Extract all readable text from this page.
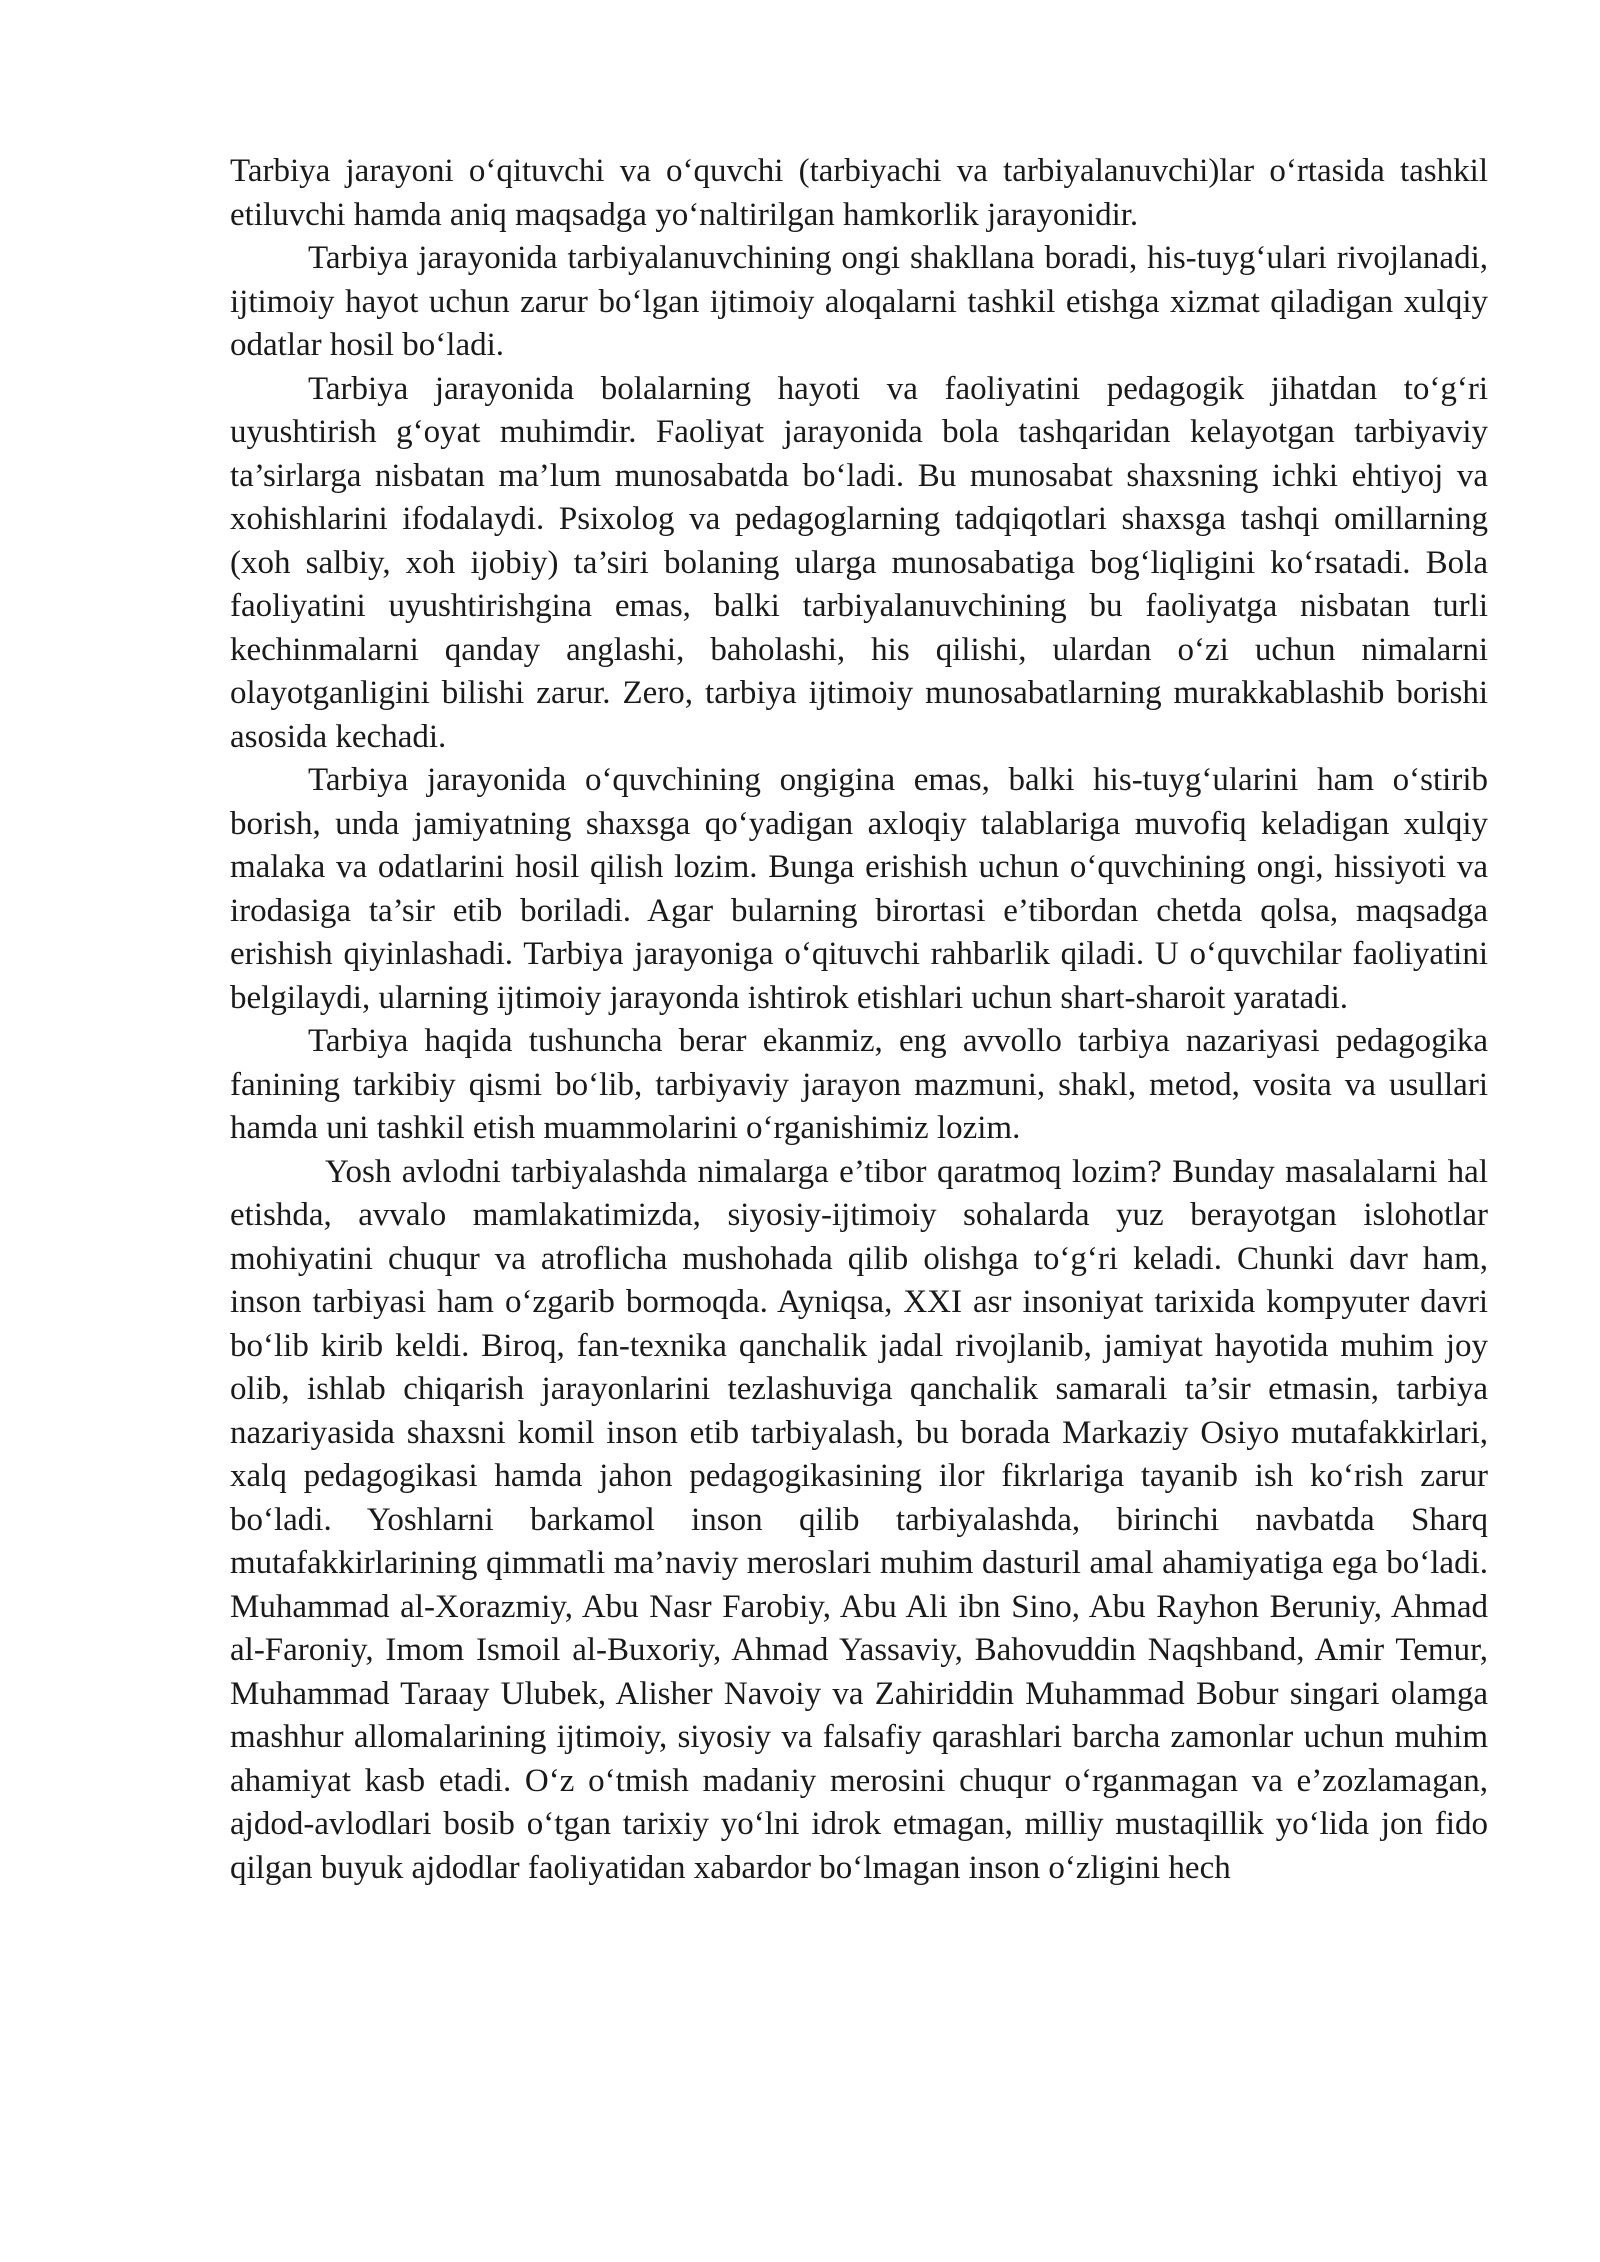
Tarbiya jarayoni o‘qituvchi va o‘quvchi (tarbiyachi va tarbiyalanuvchi)lar o‘rtasida tashkil etiluvchi hamda aniq maqsadga yo‘naltirilgan hamkorlik jarayonidir.

Tarbiya jarayonida tarbiyalanuvchining ongi shakllana boradi, his-tuyg‘ulari rivojlanadi, ijtimoiy hayot uchun zarur bo‘lgan ijtimoiy aloqalarni tashkil etishga xizmat qiladigan xulqiy odatlar hosil bo‘ladi.

Tarbiya jarayonida bolalarning hayoti va faoliyatini pedagogik jihatdan to‘g‘ri uyushtirish g‘oyat muhimdir. Faoliyat jarayonida bola tashqaridan kelayotgan tarbiyaviy ta’sirlarga nisbatan ma’lum munosabatda bo‘ladi. Bu munosabat shaxsning ichki ehtiyoj va xohishlarini ifodalaydi. Psixolog va pedagoglarning tadqiqotlari shaxsga tashqi omillarning (xoh salbiy, xoh ijobiy) ta’siri bolaning ularga munosabatiga bog‘liqligini ko‘rsatadi. Bola faoliyatini uyushtirishgina emas, balki tarbiyalanuvchining bu faoliyatga nisbatan turli kechinmalarni qanday anglashi, baholashi, his qilishi, ulardan o‘zi uchun nimalarni olayotganligini bilishi zarur. Zero, tarbiya ijtimoiy munosabatlarning murakkablashib borishi asosida kechadi.

Tarbiya jarayonida o‘quvchining ongigina emas, balki his-tuyg‘ularini ham o‘stirib borish, unda jamiyatning shaxsga qo‘yadigan axloqiy talablariga muvofiq keladigan xulqiy malaka va odatlarini hosil qilish lozim. Bunga erishish uchun o‘quvchining ongi, hissiyoti va irodasiga ta’sir etib boriladi. Agar bularning birortasi e’tibordan chetda qolsa, maqsadga erishish qiyinlashadi. Tarbiya jarayoniga o‘qituvchi rahbarlik qiladi. U o‘quvchilar faoliyatini belgilaydi, ularning ijtimoiy jarayonda ishtirok etishlari uchun shart-sharoit yaratadi.

Tarbiya haqida tushuncha berar ekanmiz, eng avvollo tarbiya nazariyasi pedagogika fanining tarkibiy qismi bo‘lib, tarbiyaviy jarayon mazmuni, shakl, metod, vosita va usullari hamda uni tashkil etish muammolarini o‘rganishimiz lozim.

Yosh avlodni tarbiyalashda nimalarga e’tibor qaratmoq lozim? Bunday masalalarni hal etishda, avvalo mamlakatimizda, siyosiy-ijtimoiy sohalarda yuz berayotgan islohotlar mohiyatini chuqur va atroflicha mushohada qilib olishga to‘g‘ri keladi. Chunki davr ham, inson tarbiyasi ham o‘zgarib bormoqda. Ayniqsa, XXI asr insoniyat tarixida kompyuter davri bo‘lib kirib keldi. Biroq, fan-texnika qanchalik jadal rivojlanib, jamiyat hayotida muhim joy olib, ishlab chiqarish jarayonlarini tezlashuviga qanchalik samarali ta’sir etmasin, tarbiya nazariyasida shaxsni komil inson etib tarbiyalash, bu borada Markaziy Osiyo mutafakkirlari, xalq pedagogikasi hamda jahon pedagogikasining ilor fikrlariga tayanib ish ko‘rish zarur bo‘ladi. Yoshlarni barkamol inson qilib tarbiyalashda, birinchi navbatda Sharq mutafakkirlarining qimmatli ma’naviy meroslari muhim dasturil amal ahamiyatiga ega bo‘ladi. Muhammad al-Xorazmiy, Abu Nasr Farobiy, Abu Ali ibn Sino, Abu Rayhon Beruniy, Ahmad al-Faroniy, Imom Ismoil al-Buxoriy, Ahmad Yassaviy, Bahovuddin Naqshband, Amir Temur, Muhammad Taraay Ulubek, Alisher Navoiy va Zahiriddin Muhammad Bobur singari olamga mashhur allomalarining ijtimoiy, siyosiy va falsafiy qarashlari barcha zamonlar uchun muhim ahamiyat kasb etadi. O‘z o‘tmish madaniy merosini chuqur o‘rganmagan va e’zozlamagan, ajdod-avlodlari bosib o‘tgan tarixiy yo‘lni idrok etmagan, milliy mustaqillik yo‘lida jon fido qilgan buyuk ajdodlar faoliyatidan xabardor bo‘lmagan inson o‘zligini hech
